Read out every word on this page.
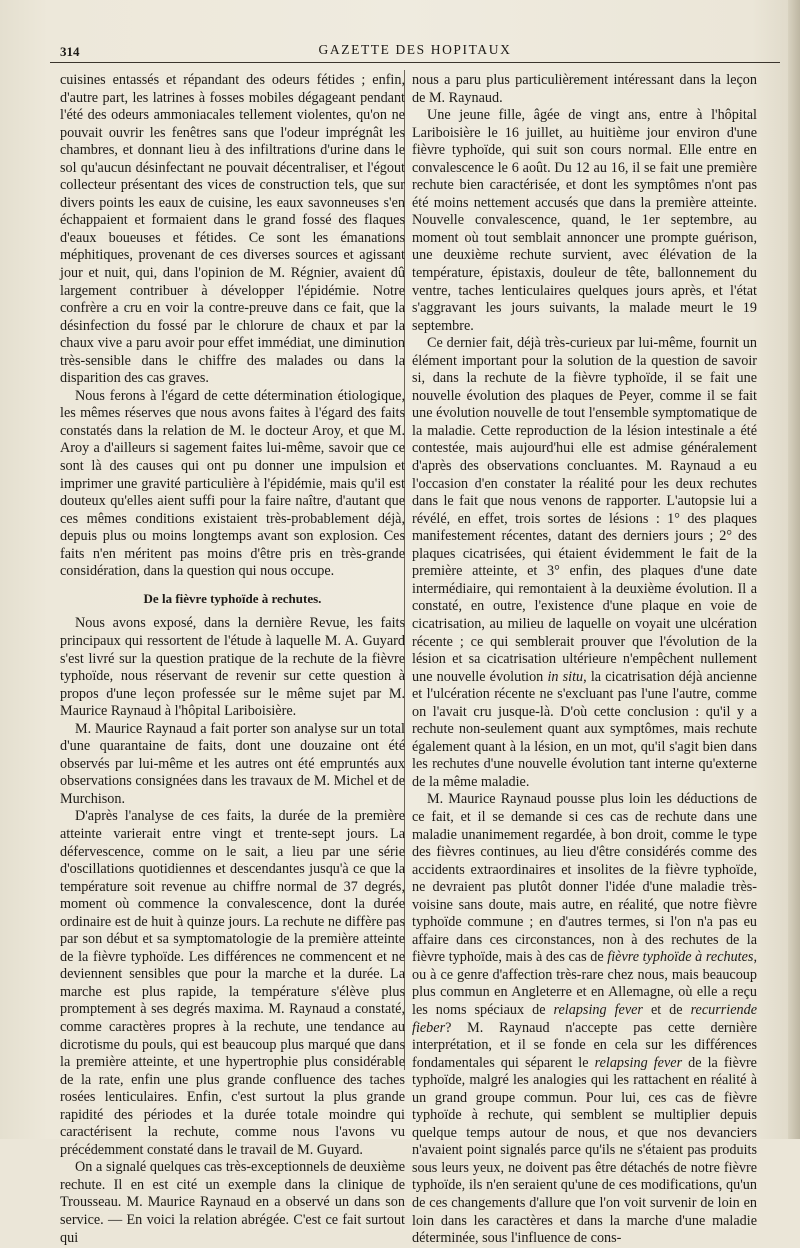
314	GAZETTE DES HOPITAUX

cuisines entassés et répandant des odeurs fétides ; enfin, d'autre part, les latrines à fosses mobiles dégageant pendant l'été des odeurs ammoniacales tellement violentes, qu'on ne pouvait ouvrir les fenêtres sans que l'odeur imprégnât les chambres, et donnant lieu à des infiltrations d'urine dans le sol qu'aucun désinfectant ne pouvait décentraliser, et l'égout collecteur présentant des vices de construction tels, que sur divers points les eaux de cuisine, les eaux savonneuses s'en échappaient et formaient dans le grand fossé des flaques d'eaux boueuses et fétides. Ce sont les émanations méphitiques, provenant de ces diverses sources et agissant jour et nuit, qui, dans l'opinion de M. Régnier, avaient dû largement contribuer à développer l'épidémie. Notre confrère a cru en voir la contre-preuve dans ce fait, que la désinfection du fossé par le chlorure de chaux et par la chaux vive a paru avoir pour effet immédiat, une diminution très-sensible dans le chiffre des malades ou dans la disparition des cas graves.

Nous ferons à l'égard de cette détermination étiologique, les mêmes réserves que nous avons faites à l'égard des faits constatés dans la relation de M. le docteur Aroy, et que M. Aroy a d'ailleurs si sagement faites lui-même, savoir que ce sont là des causes qui ont pu donner une impulsion et imprimer une gravité particulière à l'épidémie, mais qu'il est douteux qu'elles aient suffi pour la faire naître, d'autant que ces mêmes conditions existaient très-probablement déjà, depuis plus ou moins longtemps avant son explosion. Ces faits n'en méritent pas moins d'être pris en très-grande considération, dans la question qui nous occupe.

De la fièvre typhoïde à rechutes.

Nous avons exposé, dans la dernière Revue, les faits principaux qui ressortent de l'étude à laquelle M. A. Guyard s'est livré sur la question pratique de la rechute de la fièvre typhoïde, nous réservant de revenir sur cette question à propos d'une leçon professée sur le même sujet par M. Maurice Raynaud à l'hôpital Lariboisière.

M. Maurice Raynaud a fait porter son analyse sur un total d'une quarantaine de faits, dont une douzaine ont été observés par lui-même et les autres ont été empruntés aux observations consignées dans les travaux de M. Michel et de Murchison.

D'après l'analyse de ces faits, la durée de la première atteinte varierait entre vingt et trente-sept jours. La défervescence, comme on le sait, a lieu par une série d'oscillations quotidiennes et descendantes jusqu'à ce que la température soit revenue au chiffre normal de 37 degrés, moment où commence la convalescence, dont la durée ordinaire est de huit à quinze jours. La rechute ne diffère pas par son début et sa symptomatologie de la première atteinte de la fièvre typhoïde. Les différences ne commencent et ne deviennent sensibles que pour la marche et la durée. La marche est plus rapide, la température s'élève plus promptement à ses degrés maxima. M. Raynaud a constaté, comme caractères propres à la rechute, une tendance au dicrotisme du pouls, qui est beaucoup plus marqué que dans la première atteinte, et une hypertrophie plus considérable de la rate, enfin une plus grande confluence des taches rosées lenticulaires. Enfin, c'est surtout la plus grande rapidité des périodes et la durée totale moindre qui caractérisent la rechute, comme nous l'avons vu précédemment constaté dans le travail de M. Guyard.

On a signalé quelques cas très-exceptionnels de deuxième rechute. Il en est cité un exemple dans la clinique de Trousseau. M. Maurice Raynaud en a observé un dans son service. — En voici la relation abrégée. C'est ce fait surtout qui

nous a paru plus particulièrement intéressant dans la leçon de M. Raynaud.

Une jeune fille, âgée de vingt ans, entre à l'hôpital Lariboisière le 16 juillet, au huitième jour environ d'une fièvre typhoïde, qui suit son cours normal. Elle entre en convalescence le 6 août. Du 12 au 16, il se fait une première rechute bien caractérisée, et dont les symptômes n'ont pas été moins nettement accusés que dans la première atteinte. Nouvelle convalescence, quand, le 1er septembre, au moment où tout semblait annoncer une prompte guérison, une deuxième rechute survient, avec élévation de la température, épistaxis, douleur de tête, ballonnement du ventre, taches lenticulaires quelques jours après, et l'état s'aggravant les jours suivants, la malade meurt le 19 septembre.

Ce dernier fait, déjà très-curieux par lui-même, fournit un élément important pour la solution de la question de savoir si, dans la rechute de la fièvre typhoïde, il se fait une nouvelle évolution des plaques de Peyer, comme il se fait une évolution nouvelle de tout l'ensemble symptomatique de la maladie. Cette reproduction de la lésion intestinale a été contestée, mais aujourd'hui elle est admise généralement d'après des observations concluantes. M. Raynaud a eu l'occasion d'en constater la réalité pour les deux rechutes dans le fait que nous venons de rapporter. L'autopsie lui a révélé, en effet, trois sortes de lésions : 1° des plaques manifestement récentes, datant des derniers jours ; 2° des plaques cicatrisées, qui étaient évidemment le fait de la première atteinte, et 3° enfin, des plaques d'une date intermédiaire, qui remontaient à la deuxième évolution. Il a constaté, en outre, l'existence d'une plaque en voie de cicatrisation, au milieu de laquelle on voyait une ulcération récente ; ce qui semblerait prouver que l'évolution de la lésion et sa cicatrisation ultérieure n'empêchent nullement une nouvelle évolution in situ, la cicatrisation déjà ancienne et l'ulcération récente ne s'excluant pas l'une l'autre, comme on l'avait cru jusque-là. D'où cette conclusion : qu'il y a rechute non-seulement quant aux symptômes, mais rechute également quant à la lésion, en un mot, qu'il s'agit bien dans les rechutes d'une nouvelle évolution tant interne qu'externe de la même maladie.

M. Maurice Raynaud pousse plus loin les déductions de ce fait, et il se demande si ces cas de rechute dans une maladie unanimement regardée, à bon droit, comme le type des fièvres continues, au lieu d'être considérés comme des accidents extraordinaires et insolites de la fièvre typhoïde, ne devraient pas plutôt donner l'idée d'une maladie très-voisine sans doute, mais autre, en réalité, que notre fièvre typhoïde commune ; en d'autres termes, si l'on n'a pas eu affaire dans ces circonstances, non à des rechutes de la fièvre typhoïde, mais à des cas de fièvre typhoïde à rechutes, ou à ce genre d'affection très-rare chez nous, mais beaucoup plus commun en Angleterre et en Allemagne, où elle a reçu les noms spéciaux de relapsing fever et de recurriende fieber? M. Raynaud n'accepte pas cette dernière interprétation, et il se fonde en cela sur les différences fondamentales qui séparent le relapsing fever de la fièvre typhoïde, malgré les analogies qui les rattachent en réalité à un grand groupe commun. Pour lui, ces cas de fièvre typhoïde à rechute, qui semblent se multiplier depuis quelque temps autour de nous, et que nos devanciers n'avaient point signalés parce qu'ils ne s'étaient pas produits sous leurs yeux, ne doivent pas être détachés de notre fièvre typhoïde, ils n'en seraient qu'une de ces modifications, qu'un de ces changements d'allure que l'on voit survenir de loin en loin dans les caractères et dans la marche d'une maladie déterminée, sous l'influence de cons-
